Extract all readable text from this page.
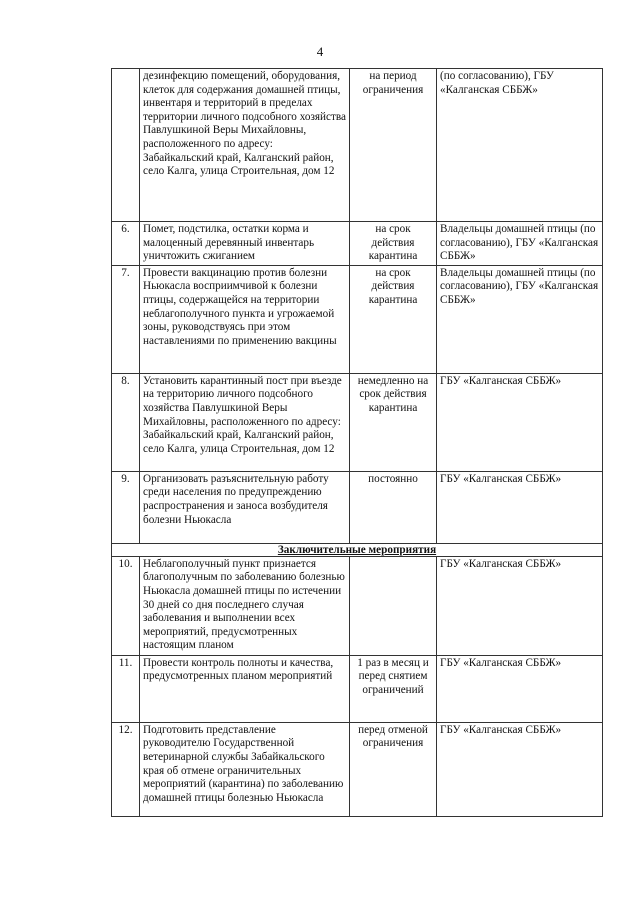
4
	дезинфекцию помещений, оборудования, клеток для содержания домашней птицы, инвентаря и территорий в пределах территории личного подсобного хозяйства Павлушкиной Веры Михайловны, расположенного по адресу: Забайкальский край, Калганский район, село Калга, улица Строительная, дом 12	на период ограничения	(по согласованию), ГБУ «Калганская СББЖ»
6.	Помет, подстилка, остатки корма и малоценный деревянный инвентарь уничтожить сжиганием	на срок действия карантина	Владельцы домашней птицы (по согласованию), ГБУ «Калганская СББЖ»
7.	Провести вакцинацию против болезни Ньюкасла восприимчивой к болезни птицы, содержащейся на территории неблагополучного пункта и угрожаемой зоны, руководствуясь при этом наставлениями по применению вакцины	на срок действия карантина	Владельцы домашней птицы (по согласованию), ГБУ «Калганская СББЖ»
8.	Установить карантинный пост при въезде на территорию личного подсобного хозяйства Павлушкиной Веры Михайловны, расположенного по адресу: Забайкальский край, Калганский район, село Калга, улица Строительная, дом 12	немедленно на срок действия карантина	ГБУ «Калганская СББЖ»
9.	Организовать разъяснительную работу среди населения по предупреждению распространения и заноса возбудителя болезни Ньюкасла	постоянно	ГБУ «Калганская СББЖ»
Заключительные мероприятия			
10.	Неблагополучный пункт признается благополучным по заболеванию болезнью Ньюкасла домашней птицы по истечении 30 дней со дня последнего случая заболевания и выполнении всех мероприятий, предусмотренных настоящим планом		ГБУ «Калганская СББЖ»
11.	Провести контроль полноты и качества, предусмотренных планом мероприятий	1 раз в месяц и перед снятием ограничений	ГБУ «Калганская СББЖ»
12.	Подготовить представление руководителю Государственной ветеринарной службы Забайкальского края об отмене ограничительных мероприятий (карантина) по заболеванию домашней птицы болезнью Ньюкасла	перед отменой ограничения	ГБУ «Калганская СББЖ»
